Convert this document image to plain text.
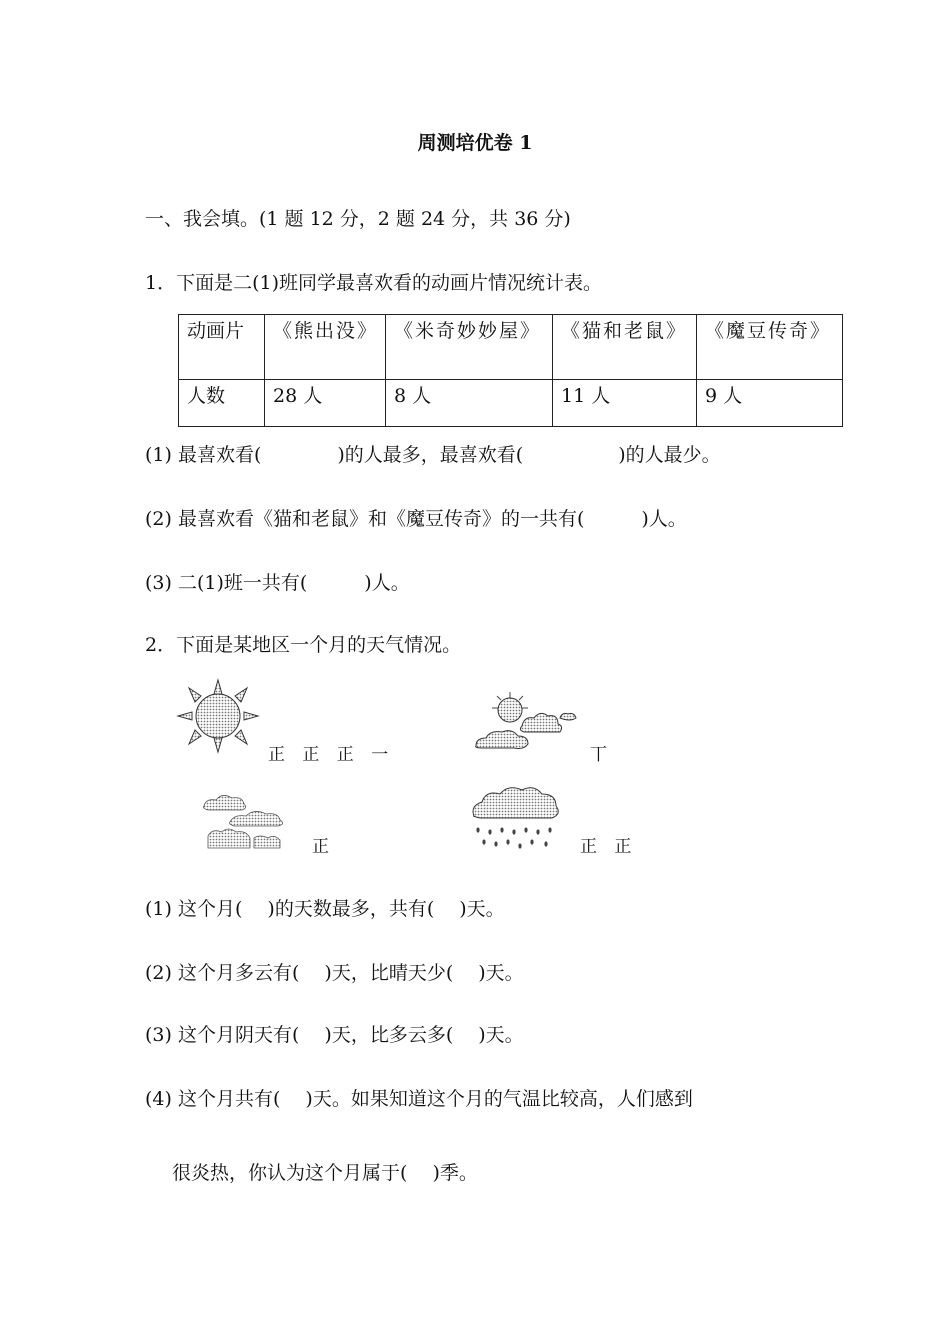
周测培优卷 1
一、我会填。(1 题 12 分，2 题 24 分，共 36 分)
1．下面是二(1)班同学最喜欢看的动画片情况统计表。
动画片	《熊出没》	《米奇妙妙屋》	《猫和老鼠》	《魔豆传奇》
人数	28 人	8 人	11 人	9 人
(1) 最喜欢看(　　　　)的人最多，最喜欢看(　　　　　)的人最少。
(2) 最喜欢看《猫和老鼠》和《魔豆传奇》的一共有(　　　)人。
(3) 二(1)班一共有(　　　)人。
2．下面是某地区一个月的天气情况。
正 正 正 ⼀	丅
正	正 正
(1) 这个月(　 )的天数最多，共有(　 )天。
(2) 这个月多云有(　 )天，比晴天少(　 )天。
(3) 这个月阴天有(　 )天，比多云多(　 )天。
(4) 这个月共有(　 )天。如果知道这个月的气温比较高，人们感到
很炎热，你认为这个月属于(　 )季。
